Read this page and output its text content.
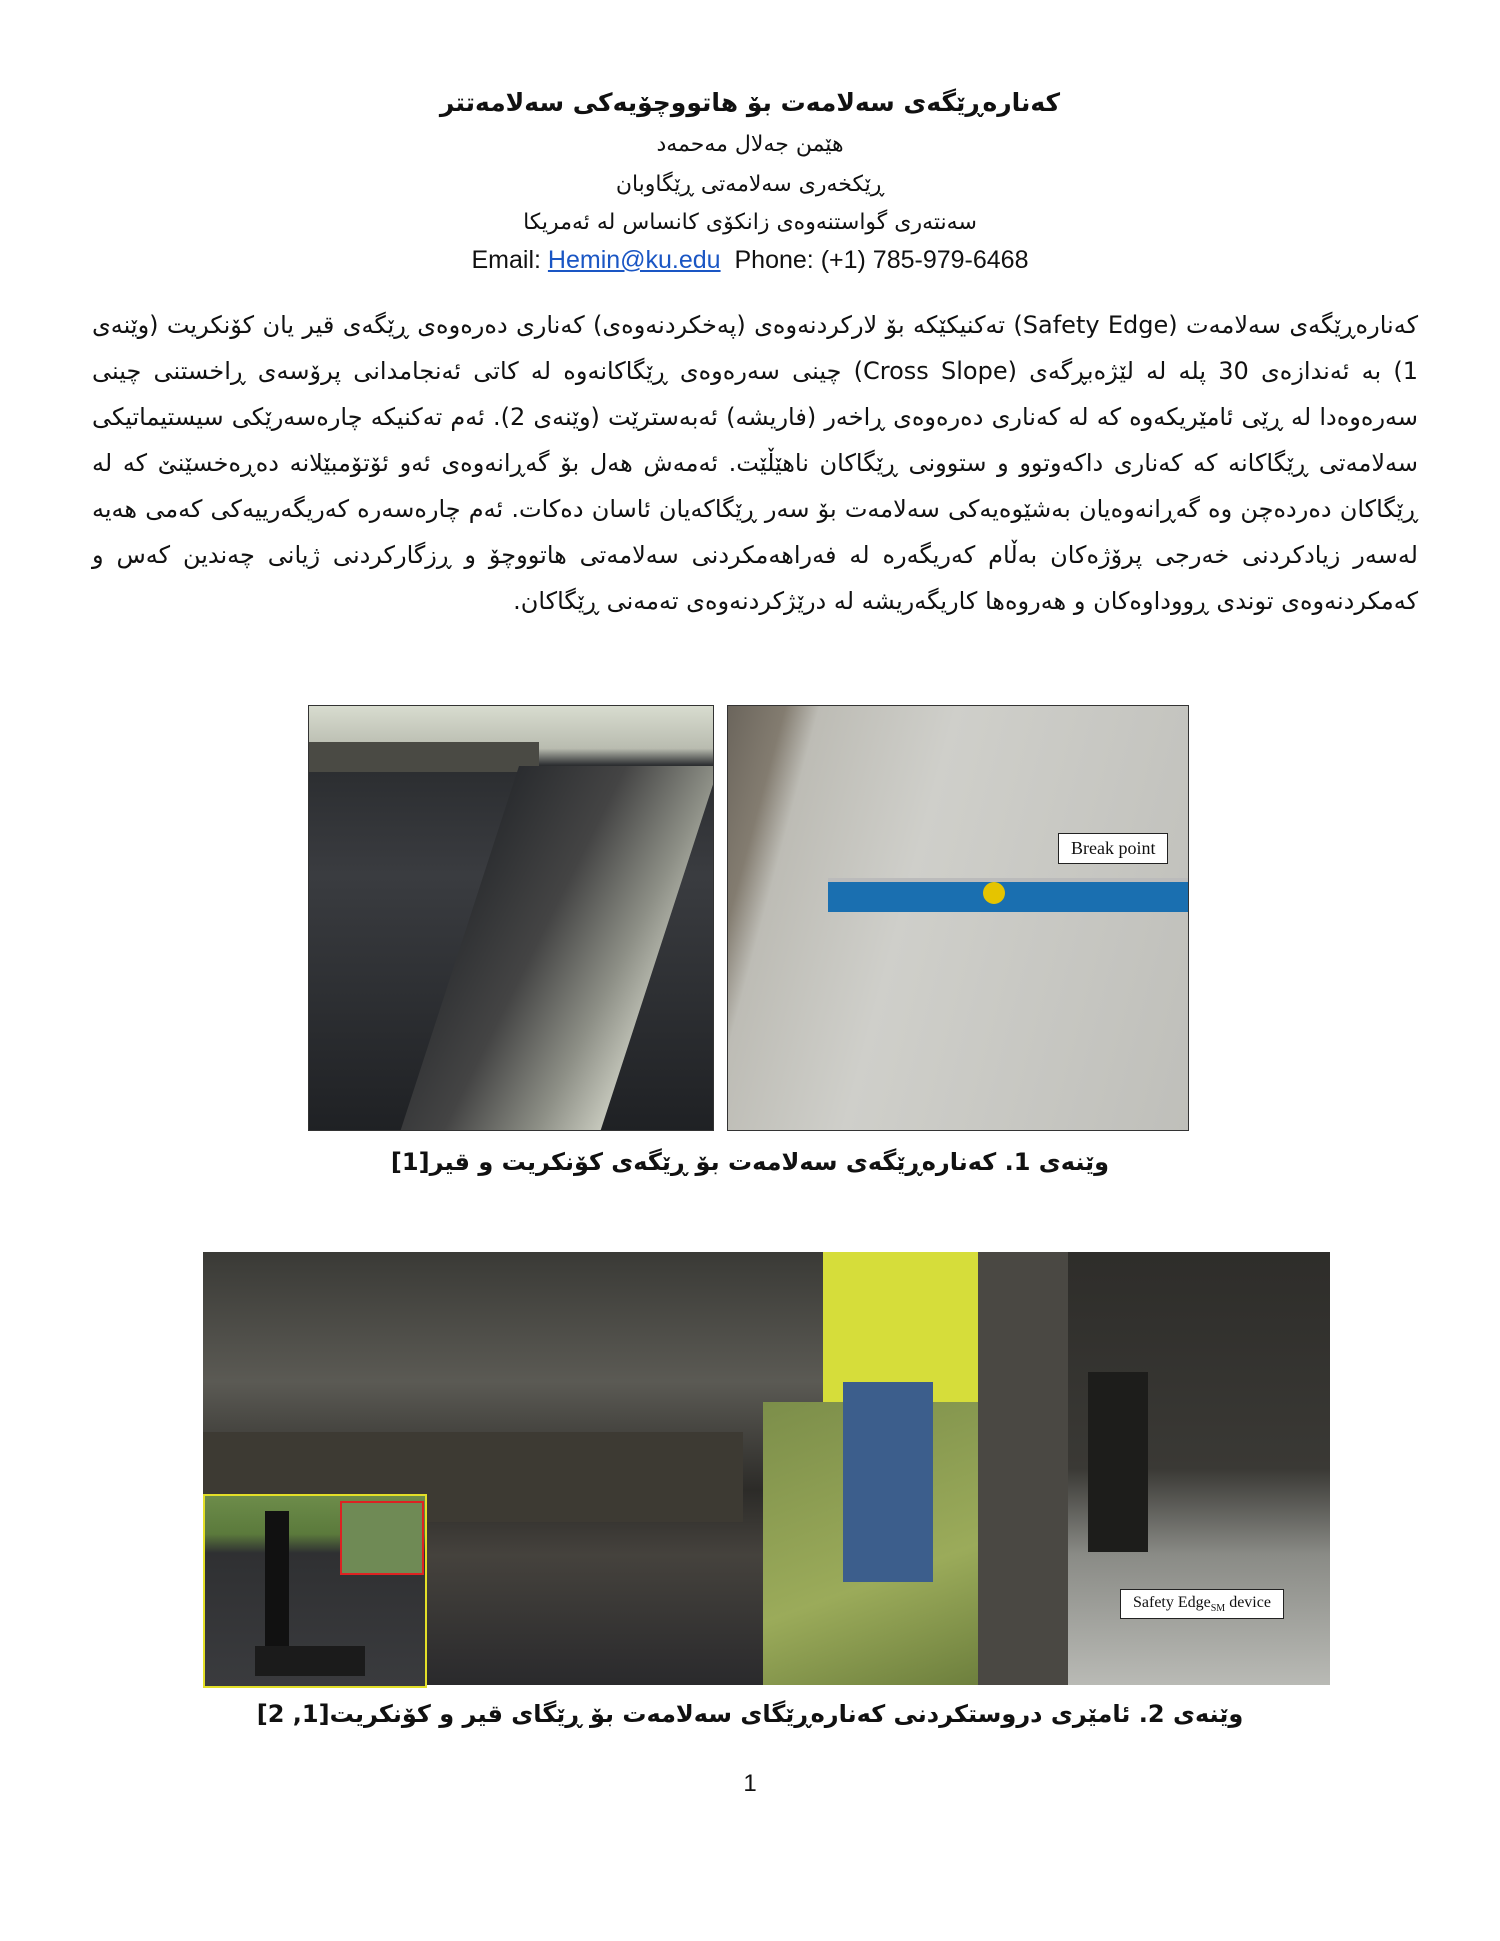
کەنارەڕێگەی سەلامەت بۆ هاتووچۆیەکی سەلامەتتر
هێمن جەلال مەحمەد
ڕێکخەری سەلامەتی ڕێگاوبان
سەنتەری گواستنەوەی زانکۆی کانساس لە ئەمریکا
Email: Hemin@ku.edu Phone: (+1) 785-979-6468
کەنارەڕێگەی سەلامەت (Safety Edge) تەکنیکێکە بۆ لارکردنەوەی (پەخکردنەوەی) کەناری دەرەوەی ڕێگەی قیر یان کۆنکریت (وێنەی 1) بە ئەندازەی 30 پلە لە لێژەبڕگەی (Cross Slope) چینی سەرەوەی ڕێگاکانەوە لە کاتی ئەنجامدانی پرۆسەی ڕاخستنی چینی سەرەوەدا لە ڕێی ئامێریکەوە کە لە کەناری دەرەوەی ڕاخەر (فاریشە) ئەبەسترێت (وێنەی 2). ئەم تەکنیکە چارەسەرێکی سیستیماتیکی سەلامەتی ڕێگاکانە کە کەناری داکەوتوو و ستوونی ڕێگاکان ناهێڵێت. ئەمەش هەل بۆ گەڕانەوەی ئەو ئۆتۆمبێلانە دەڕەخسێنێ کە لە ڕێگاکان دەردەچن وە گەڕانەوەیان بەشێوەیەکی سەلامەت بۆ سەر ڕێگاکەیان ئاسان دەکات. ئەم چارەسەرە کەریگەرییەکی کەمی هەیە لەسەر زیادکردنی خەرجی پرۆژەکان بەڵام کەریگەرە لە فەراهەمکردنی سەلامەتی هاتووچۆ و ڕزگارکردنی ژیانی چەندین کەس و کەمکردنەوەی توندی ڕووداوەکان و هەروەها کاریگەریشە لە درێژکردنەوەی تەمەنی ڕێگاکان.
Break point
وێنەی 1. کەنارەڕێگەی سەلامەت بۆ ڕێگەی کۆنکریت و قیر[1]
Safety Edge$_{SM}$ device
وێنەی 2. ئامێری دروستکردنی کەنارەڕێگای سەلامەت بۆ ڕێگای قیر و کۆنکریت[1, 2]
1
